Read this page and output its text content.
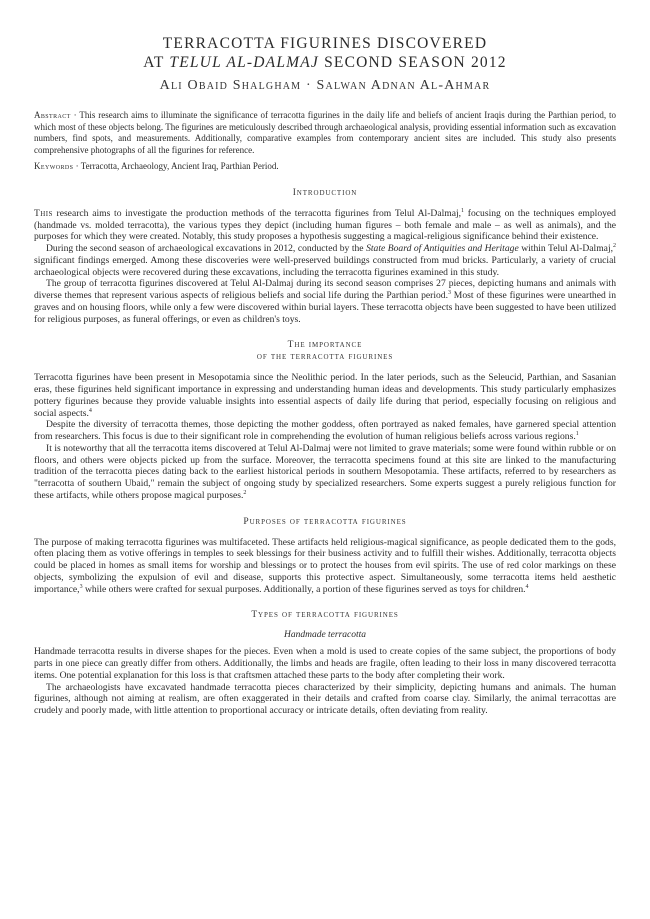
TERRACOTTA FIGURINES DISCOVERED
AT TELUL AL-DALMAJ SECOND SEASON 2012
Ali Obaid Shalgham · Salwan Adnan Al-Ahmar

Abstract · This research aims to illuminate the significance of terracotta figurines in the daily life and beliefs of ancient Iraqis during the Parthian period, to which most of these objects belong. The figurines are meticulously described through archaeological analysis, providing essential information such as excavation numbers, find spots, and measurements. Additionally, comparative examples from contemporary ancient sites are included. This study also presents comprehensive photographs of all the figurines for reference.

Keywords · Terracotta, Archaeology, Ancient Iraq, Parthian Period.

Introduction

This research aims to investigate the production methods of the terracotta figurines from Telul Al-Dalmaj,$^1$ focusing on the techniques employed (handmade vs. molded terracotta), the various types they depict (including human figures – both female and male – as well as animals), and the purposes for which they were created. Notably, this study proposes a hypothesis suggesting a magical-religious significance behind their existence.

During the second season of archaeological excavations in 2012, conducted by the State Board of Antiquities and Heritage within Telul Al-Dalmaj,$^2$ significant findings emerged. Among these discoveries were well-preserved buildings constructed from mud bricks. Particularly, a variety of crucial archaeological objects were recovered during these excavations, including the terracotta figurines examined in this study.

The group of terracotta figurines discovered at Telul Al-Dalmaj during its second season comprises 27 pieces, depicting humans and animals with diverse themes that represent various aspects of religious beliefs and social life during the Parthian period.$^3$ Most of these figurines were unearthed in graves and on housing floors, while only a few were discovered within burial layers. These terracotta objects have been suggested to have been utilized for religious purposes, as funeral offerings, or even as children's toys.

The importance
of the terracotta figurines

Terracotta figurines have been present in Mesopotamia since the Neolithic period. In the later periods, such as the Seleucid, Parthian, and Sasanian eras, these figurines held significant importance in expressing and understanding human ideas and developments. This study particularly emphasizes pottery figurines because they provide valuable insights into essential aspects of daily life during that period, especially focusing on religious and social aspects.$^4$

Despite the diversity of terracotta themes, those depicting the mother goddess, often portrayed as naked females, have garnered special attention from researchers. This focus is due to their significant role in comprehending the evolution of human religious beliefs across various regions.$^1$

It is noteworthy that all the terracotta items discovered at Telul Al-Dalmaj were not limited to grave materials; some were found within rubble or on floors, and others were objects picked up from the surface. Moreover, the terracotta specimens found at this site are linked to the manufacturing tradition of the terracotta pieces dating back to the earliest historical periods in southern Mesopotamia. These artifacts, referred to by researchers as "terracotta of southern Ubaid," remain the subject of ongoing study by specialized researchers. Some experts suggest a purely religious function for these artifacts, while others propose magical purposes.$^2$

Purposes of terracotta figurines

The purpose of making terracotta figurines was multifaceted. These artifacts held religious-magical significance, as people dedicated them to the gods, often placing them as votive offerings in temples to seek blessings for their business activity and to fulfill their wishes. Additionally, terracotta objects could be placed in homes as small items for worship and blessings or to protect the houses from evil spirits. The use of red color markings on these objects, symbolizing the expulsion of evil and disease, supports this protective aspect. Simultaneously, some terracotta items held aesthetic importance,$^3$ while others were crafted for sexual purposes. Additionally, a portion of these figurines served as toys for children.$^4$

Types of terracotta figurines
Handmade terracotta

Handmade terracotta results in diverse shapes for the pieces. Even when a mold is used to create copies of the same subject, the proportions of body parts in one piece can greatly differ from others. Additionally, the limbs and heads are fragile, often leading to their loss in many discovered terracotta items. One potential explanation for this loss is that craftsmen attached these parts to the body after completing their work.

The archaeologists have excavated handmade terracotta pieces characterized by their simplicity, depicting humans and animals. The human figurines, although not aiming at realism, are often exaggerated in their details and crafted from coarse clay. Similarly, the animal terracottas are crudely and poorly made, with little attention to proportional accuracy or intricate details, often deviating from reality.
